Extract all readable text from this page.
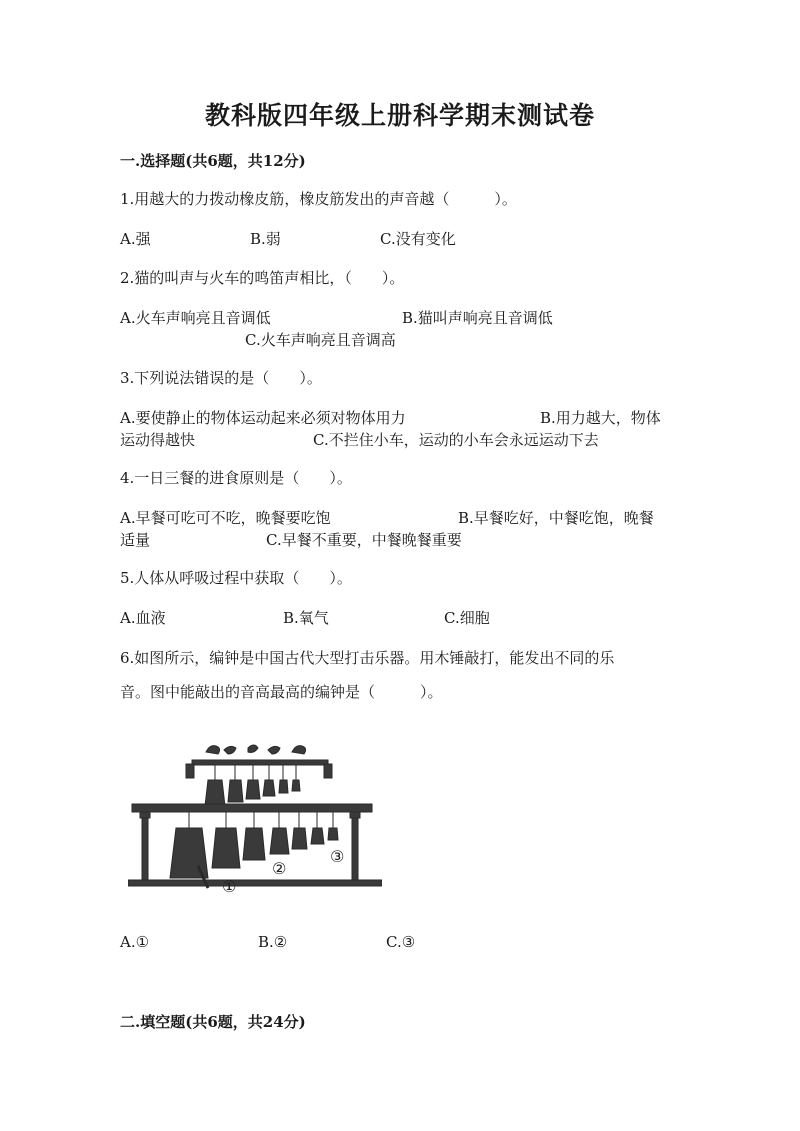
教科版四年级上册科学期末测试卷
一.选择题(共6题，共12分)
1.用越大的力拨动橡皮筋，橡皮筋发出的声音越（　　　）。
A.强	B.弱	C.没有变化
2.猫的叫声与火车的鸣笛声相比，（　　）。
A.火车声响亮且音调低	B.猫叫声响亮且音调低
C.火车声响亮且音调高
3.下列说法错误的是（　　）。
A.要使静止的物体运动起来必须对物体用力	B.用力越大，物体
运动得越快	C.不拦住小车，运动的小车会永远运动下去
4.一日三餐的进食原则是（　　）。
A.早餐可吃可不吃，晚餐要吃饱	B.早餐吃好，中餐吃饱，晚餐
适量	C.早餐不重要，中餐晚餐重要
5.人体从呼吸过程中获取（　　）。
A.血液	B.氧气	C.细胞
6.如图所示，编钟是中国古代大型打击乐器。用木锤敲打，能发出不同的乐
音。图中能敲出的音高最高的编钟是（　　　）。
①
②
③
A.①	B.②	C.③
二.填空题(共6题，共24分)
